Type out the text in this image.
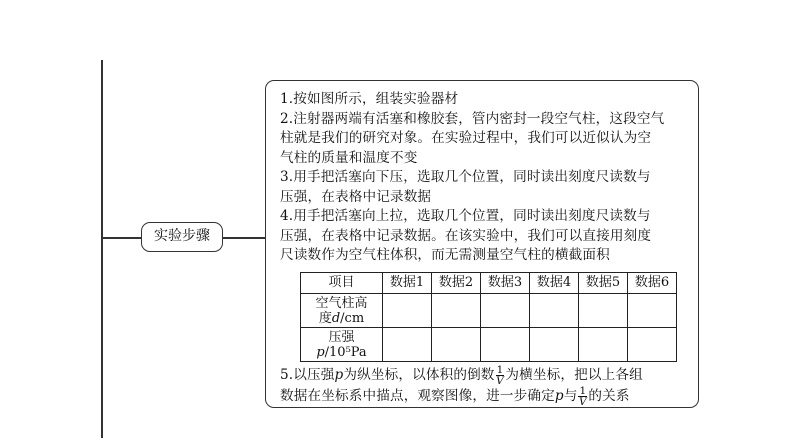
实验步骤
1.按如图所示，组装实验器材
2.注射器两端有活塞和橡胶套，管内密封一段空气柱，这段空气
柱就是我们的研究对象。在实验过程中，我们可以近似认为空
气柱的质量和温度不变
3.用手把活塞向下压，选取几个位置，同时读出刻度尺读数与
压强，在表格中记录数据
4.用手把活塞向上拉，选取几个位置，同时读出刻度尺读数与
压强，在表格中记录数据。在该实验中，我们可以直接用刻度
尺读数作为空气柱体积，而无需测量空气柱的横截面积
项目	数据1	数据2	数据3	数据4	数据5	数据6
空气柱高
度d/cm						
压强
p/10⁵Pa						
5.以压强p为纵坐标，以体积的倒数 $\frac{1}{V}$ 为横坐标，把以上各组
数据在坐标系中描点，观察图像，进一步确定p与 $\frac{1}{V}$ 的关系
